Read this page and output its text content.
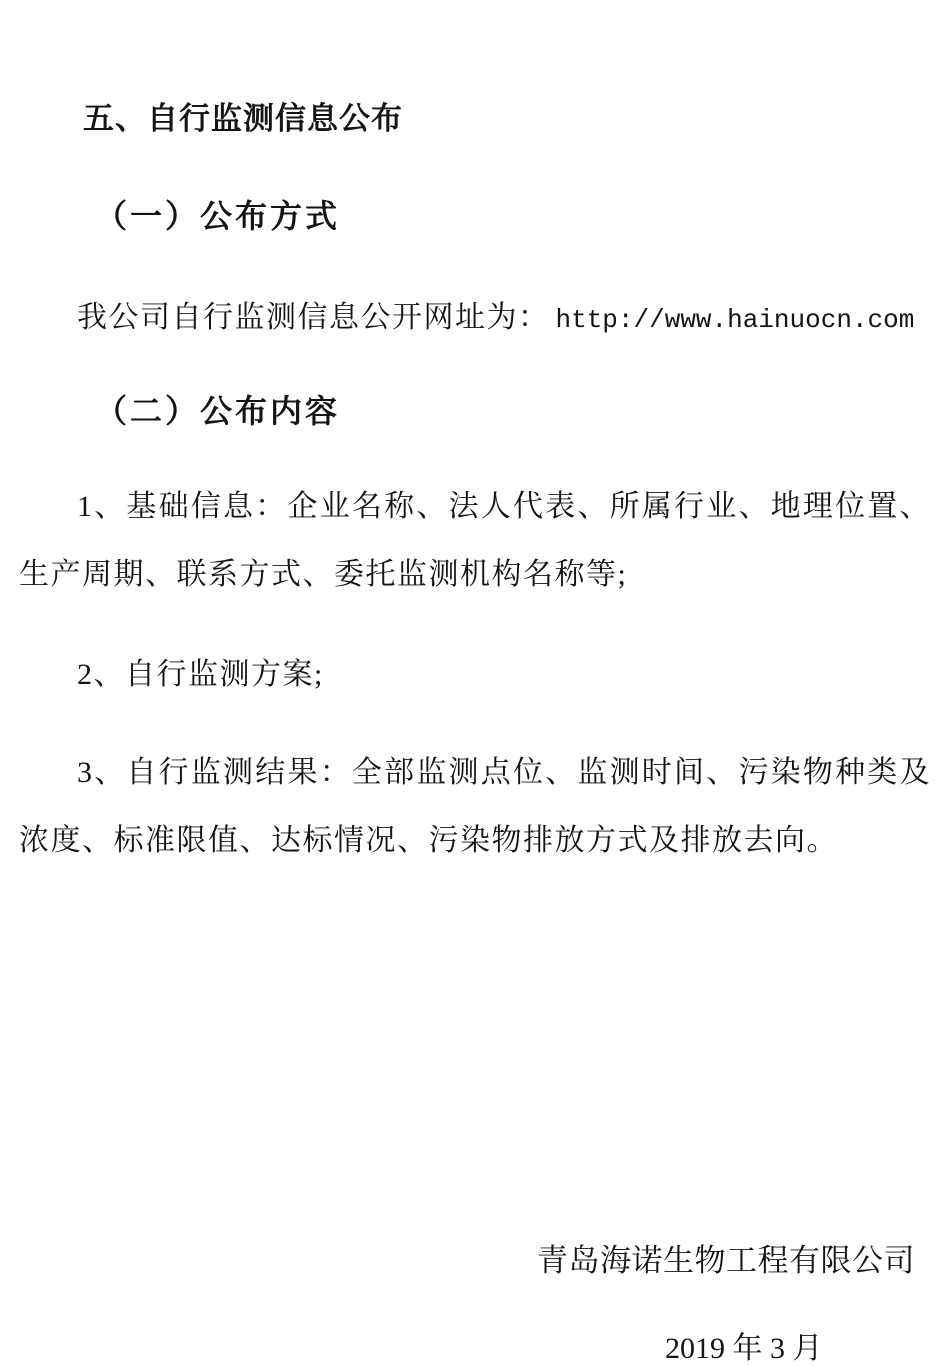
五、自行监测信息公布
（一）公布方式
我公司自行监测信息公开网址为： http://www.hainuocn.com
（二）公布内容
1、基础信息：企业名称、法人代表、所属行业、地理位置、
生产周期、联系方式、委托监测机构名称等;
2、自行监测方案;
3、自行监测结果：全部监测点位、监测时间、污染物种类及
浓度、标准限值、达标情况、污染物排放方式及排放去向。
青岛海诺生物工程有限公司
2019 年 3 月
